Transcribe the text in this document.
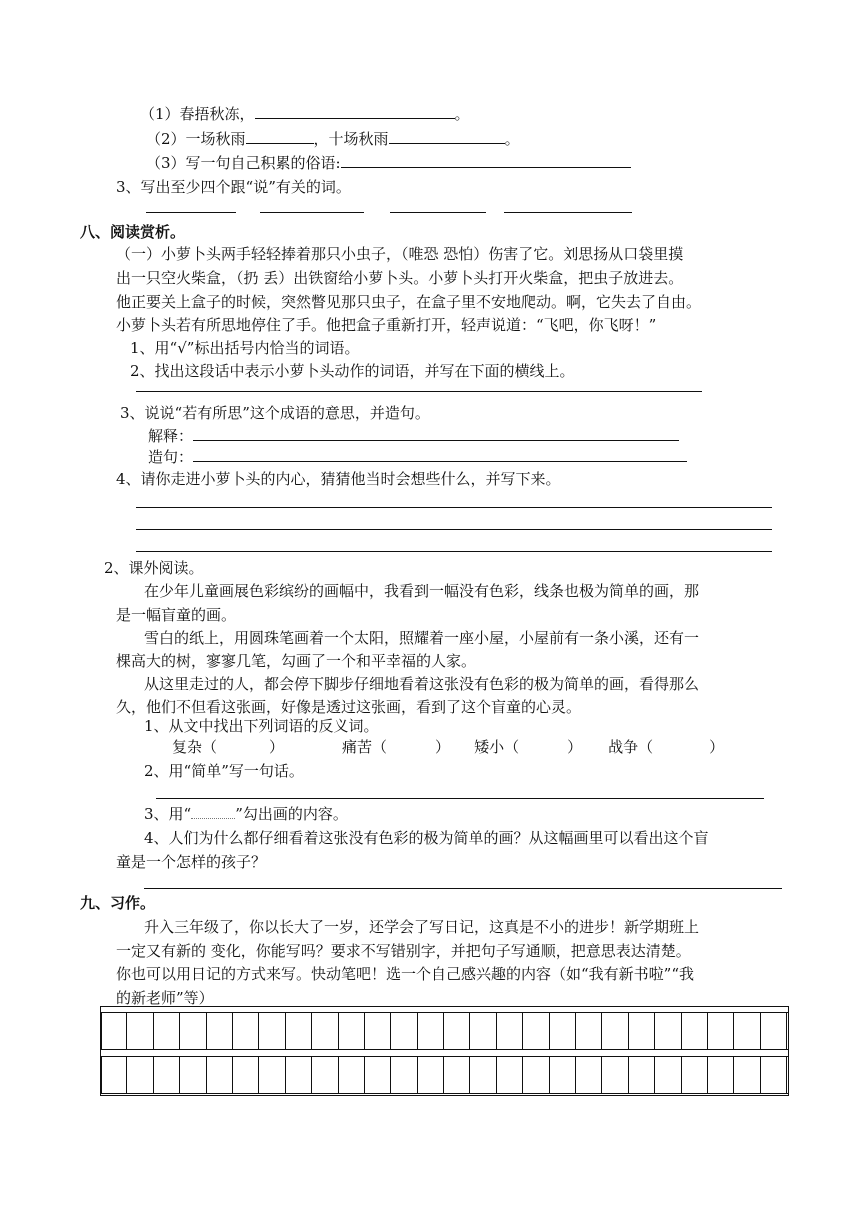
（1）春捂秋冻，	。
（2）一场秋雨	，十场秋雨	。
（3）写一句自己积累的俗语:
3、写出至少四个跟“说”有关的词。
八、阅读赏析。
（一）小萝卜头两手轻轻捧着那只小虫子，（唯恐 恐怕）伤害了它。刘思扬从口袋里摸
出一只空火柴盒，（扔 丢）出铁窗给小萝卜头。小萝卜头打开火柴盒，把虫子放进去。
他正要关上盒子的时候，突然瞥见那只虫子，在盒子里不安地爬动。啊，它失去了自由。
小萝卜头若有所思地停住了手。他把盒子重新打开，轻声说道：“飞吧，你飞呀！”
1、用“√”标出括号内恰当的词语。
2、找出这段话中表示小萝卜头动作的词语，并写在下面的横线上。
3、说说“若有所思”这个成语的意思，并造句。
解释：
造句：
4、请你走进小萝卜头的内心，猜猜他当时会想些什么，并写下来。
2、课外阅读。
在少年儿童画展色彩缤纷的画幅中，我看到一幅没有色彩，线条也极为简单的画，那
是一幅盲童的画。
雪白的纸上，用圆珠笔画着一个太阳，照耀着一座小屋，小屋前有一条小溪，还有一
棵高大的树，寥寥几笔，勾画了一个和平幸福的人家。
从这里走过的人，都会停下脚步仔细地看着这张没有色彩的极为简单的画，看得那么
久，他们不但看这张画，好像是透过这张画，看到了这个盲童的心灵。
1、从文中找出下列词语的反义词。
复杂（	）	痛苦（	） 矮小（	） 战争（	）
2、用“简单”写一句话。
3、用“	”勾出画的内容。
4、人们为什么都仔细看着这张没有色彩的极为简单的画？从这幅画里可以看出这个盲
童是一个怎样的孩子？
九、习作。
升入三年级了，你以长大了一岁，还学会了写日记，这真是不小的进步！新学期班上
一定又有新的 变化，你能写吗？要求不写错别字，并把句子写通顺，把意思表达清楚。
你也可以用日记的方式来写。快动笔吧！选一个自己感兴趣的内容（如“我有新书啦”“我
的新老师”等）
